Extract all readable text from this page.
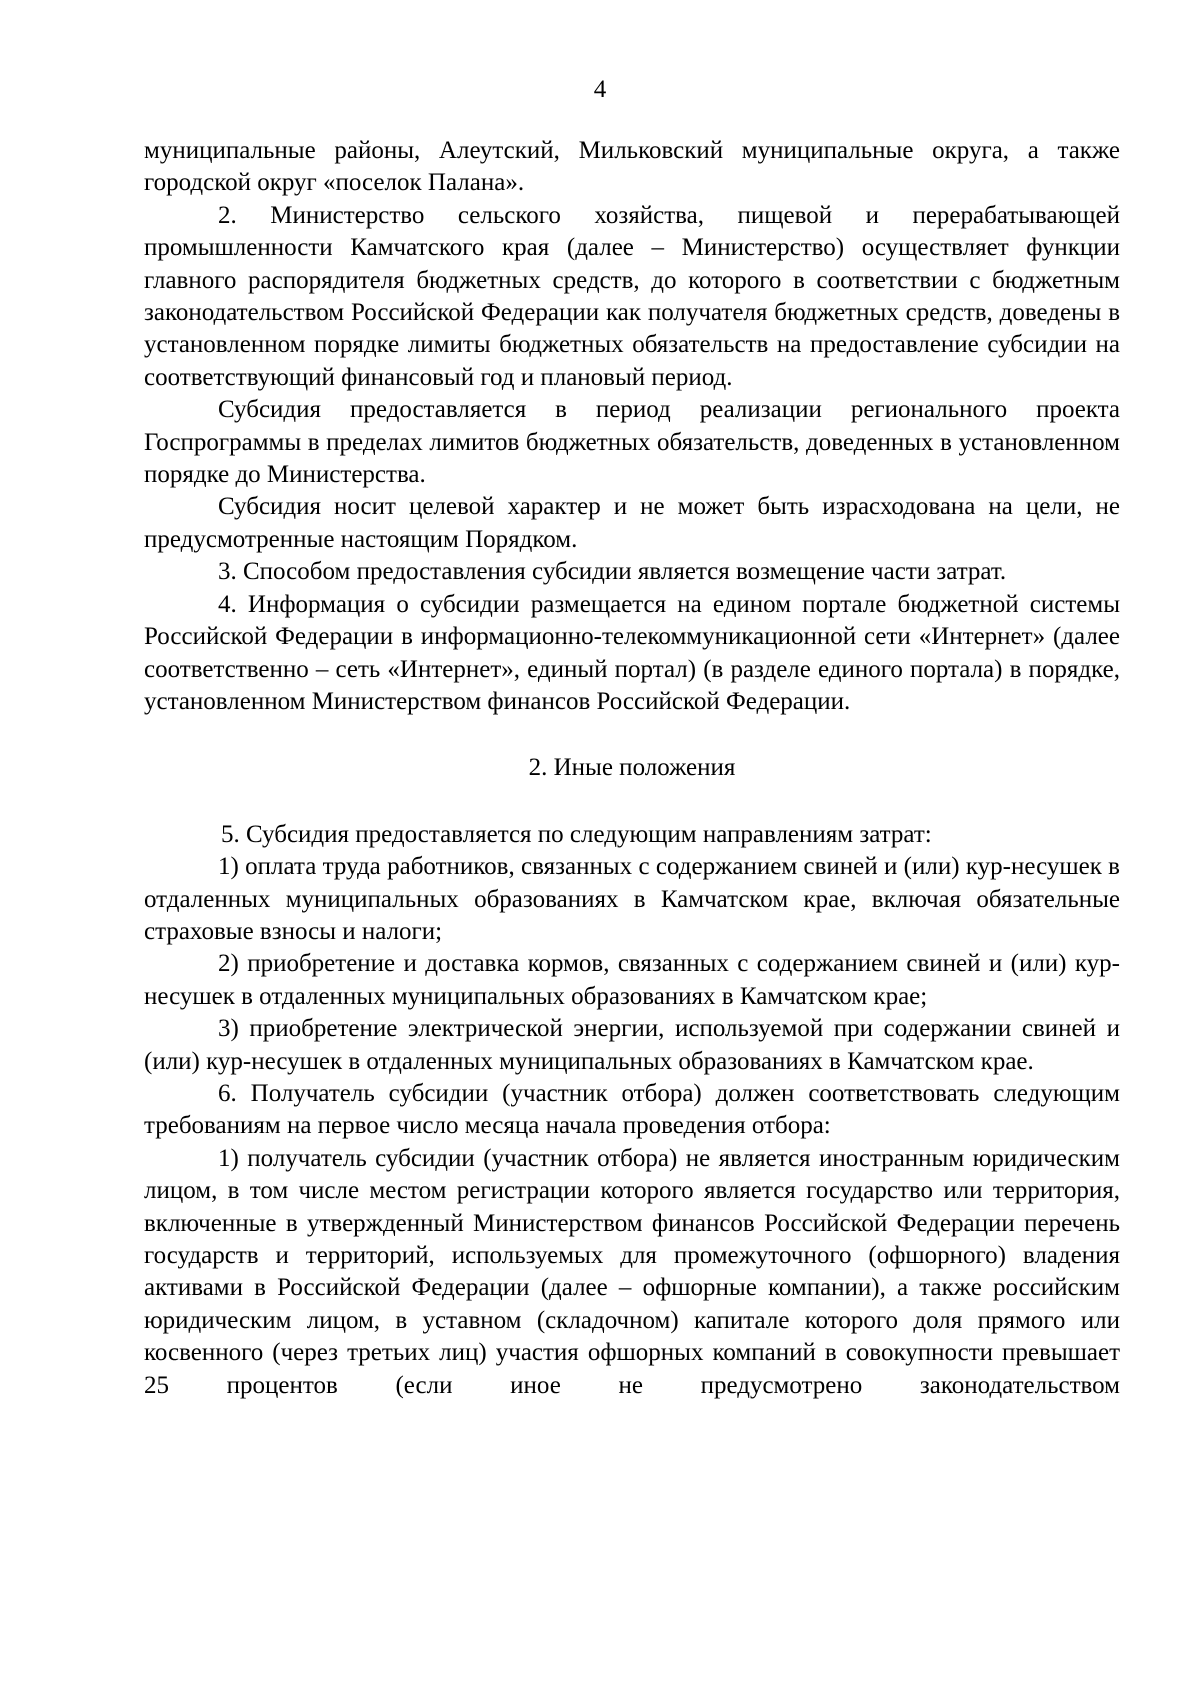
4

муниципальные районы, Алеутский, Мильковский муниципальные округа, а также городской округ «поселок Палана».

2. Министерство сельского хозяйства, пищевой и перерабатывающей промышленности Камчатского края (далее – Министерство) осуществляет функции главного распорядителя бюджетных средств, до которого в соответствии с бюджетным законодательством Российской Федерации как получателя бюджетных средств, доведены в установленном порядке лимиты бюджетных обязательств на предоставление субсидии на соответствующий финансовый год и плановый период.

Субсидия предоставляется в период реализации регионального проекта Госпрограммы в пределах лимитов бюджетных обязательств, доведенных в установленном порядке до Министерства.

Субсидия носит целевой характер и не может быть израсходована на цели, не предусмотренные настоящим Порядком.

3. Способом предоставления субсидии является возмещение части затрат.

4. Информация о субсидии размещается на едином портале бюджетной системы Российской Федерации в информационно-телекоммуникационной сети «Интернет» (далее соответственно – сеть «Интернет», единый портал) (в разделе единого портала) в порядке, установленном Министерством финансов Российской Федерации.

2. Иные положения

5. Субсидия предоставляется по следующим направлениям затрат:

1) оплата труда работников, связанных с содержанием свиней и (или) кур-несушек в отдаленных муниципальных образованиях в Камчатском крае, включая обязательные страховые взносы и налоги;

2) приобретение и доставка кормов, связанных с содержанием свиней и (или) кур-несушек в отдаленных муниципальных образованиях в Камчатском крае;

3) приобретение электрической энергии, используемой при содержании свиней и (или) кур-несушек в отдаленных муниципальных образованиях в Камчатском крае.

6. Получатель субсидии (участник отбора) должен соответствовать следующим требованиям на первое число месяца начала проведения отбора:

1) получатель субсидии (участник отбора) не является иностранным юридическим лицом, в том числе местом регистрации которого является государство или территория, включенные в утвержденный Министерством финансов Российской Федерации перечень государств и территорий, используемых для промежуточного (офшорного) владения активами в Российской Федерации (далее – офшорные компании), а также российским юридическим лицом, в уставном (складочном) капитале которого доля прямого или косвенного (через третьих лиц) участия офшорных компаний в совокупности превышает 25 процентов (если иное не предусмотрено законодательством
